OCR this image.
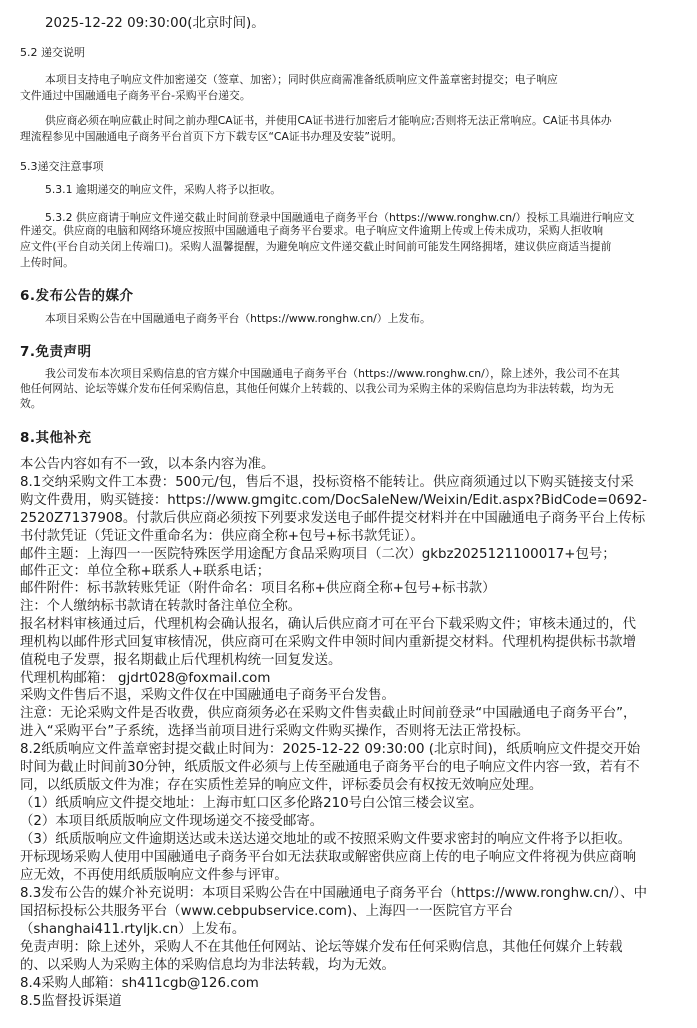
2025-12-22 09:30:00(北京时间)。
5.2 递交说明
本项目支持电子响应文件加密递交（签章、加密）；同时供应商需准备纸质响应文件盖章密封提交；电子响应
文件通过中国融通电子商务平台-采购平台递交。
供应商必须在响应截止时间之前办理CA证书，并使用CA证书进行加密后才能响应;否则将无法正常响应。CA证书具体办
理流程参见中国融通电子商务平台首页下方下载专区“CA证书办理及安装”说明。
5.3递交注意事项
5.3.1 逾期递交的响应文件，采购人将予以拒收。
5.3.2 供应商请于响应文件递交截止时间前登录中国融通电子商务平台（https://www.ronghw.cn/）投标工具端进行响应文
件递交。供应商的电脑和网络环境应按照中国融通电子商务平台要求。电子响应文件逾期上传或上传未成功，采购人拒收响
应文件(平台自动关闭上传端口)。采购人温馨提醒，为避免响应文件递交截止时间前可能发生网络拥堵，建议供应商适当提前
上传时间。
6.发布公告的媒介
本项目采购公告在中国融通电子商务平台（https://www.ronghw.cn/）上发布。
7.免责声明
我公司发布本次项目采购信息的官方媒介中国融通电子商务平台（https://www.ronghw.cn/），除上述外，我公司不在其
他任何网站、论坛等媒介发布任何采购信息，其他任何媒介上转载的、以我公司为采购主体的采购信息均为非法转载，均为无
效。
8.其他补充
本公告内容如有不一致，以本条内容为准。
8.1交纳采购文件工本费：500元/包，售后不退，投标资格不能转让。供应商须通过以下购买链接支付采
购文件费用，购买链接：https://www.gmgitc.com/DocSaleNew/Weixin/Edit.aspx?BidCode=0692-
2520Z7137908。付款后供应商必须按下列要求发送电子邮件提交材料并在中国融通电子商务平台上传标
书付款凭证（凭证文件重命名为：供应商全称+包号+标书款凭证）。
邮件主题：上海四一一医院特殊医学用途配方食品采购项目（二次）gkbz2025121100017+包号；
邮件正文：单位全称+联系人+联系电话；
邮件附件：标书款转账凭证（附件命名：项目名称+供应商全称+包号+标书款）
注：个人缴纳标书款请在转款时备注单位全称。
报名材料审核通过后，代理机构会确认报名，确认后供应商才可在平台下载采购文件；审核未通过的，代
理机构以邮件形式回复审核情况，供应商可在采购文件申领时间内重新提交材料。代理机构提供标书款增
值税电子发票，报名期截止后代理机构统一回复发送。
代理机构邮箱： gjdrt028@foxmail.com
采购文件售后不退，采购文件仅在中国融通电子商务平台发售。
注意：无论采购文件是否收费，供应商须务必在采购文件售卖截止时间前登录“中国融通电子商务平台”，
进入“采购平台”子系统，选择当前项目进行采购文件购买操作，否则将无法正常投标。
8.2纸质响应文件盖章密封提交截止时间为：2025-12-22 09:30:00 (北京时间)，纸质响应文件提交开始
时间为截止时间前30分钟，纸质版文件必须与上传至融通电子商务平台的电子响应文件内容一致，若有不
同，以纸质版文件为准；存在实质性差异的响应文件，评标委员会有权按无效响应处理。
（1）纸质响应文件提交地址：上海市虹口区多伦路210号白公馆三楼会议室。
（2）本项目纸质版响应文件现场递交不接受邮寄。
（3）纸质版响应文件逾期送达或未送达递交地址的或不按照采购文件要求密封的响应文件将予以拒收。
开标现场采购人使用中国融通电子商务平台如无法获取或解密供应商上传的电子响应文件将视为供应商响
应无效，不再使用纸质版响应文件参与评审。
8.3发布公告的媒介补充说明：本项目采购公告在中国融通电子商务平台（https://www.ronghw.cn/）、中
国招标投标公共服务平台（www.cebpubservice.com)、上海四一一医院官方平台
（shanghai411.rtyljk.cn）上发布。
免责声明：除上述外，采购人不在其他任何网站、论坛等媒介发布任何采购信息，其他任何媒介上转载
的、以采购人为采购主体的采购信息均为非法转载，均为无效。
8.4采购人邮箱：sh411cgb@126.com
8.5监督投诉渠道
